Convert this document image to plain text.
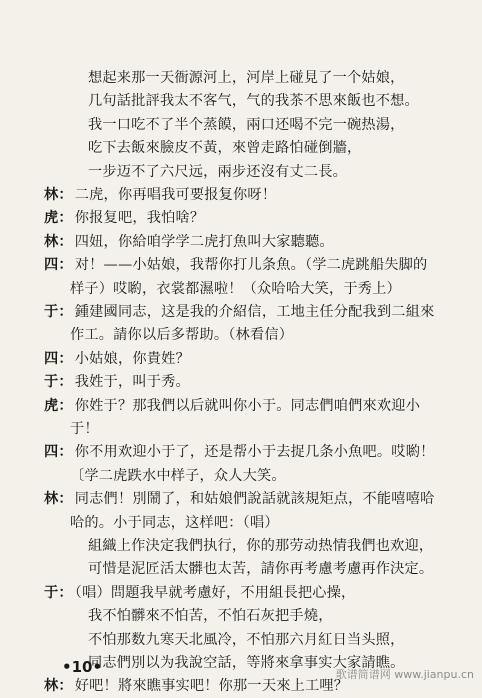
想起来那一天衙源河上，河岸上碰見了一个姑娘，
几句話批評我太不客气，气的我茶不思來飯也不想。
我一口吃不了半个蒸饃，兩口还喝不完一碗热湯，
吃下去飯來臉皮不黃，來曾走路怕碰倒牆，
一步迈不了六尺远，兩步还沒有丈二長。
林： 二虎，你再唱我可要报复你呀！
虎： 你报复吧，我怕啥？
林： 四妞，你給咱学学二虎打魚叫大家聽聽。
四： 对！——小姑娘，我帮你打儿条魚。（学二虎跳船失脚的
样子）哎喲，衣裳都濕啦！（众哈哈大笑，于秀上）
于： 鍾建國同志，这是我的介紹信，工地主任分配我到二組來
作工。請你以后多帮助。（林看信）
四： 小姑娘，你貴姓？
于： 我姓于，叫于秀。
虎： 你姓于？那我們以后就叫你小于。同志們咱們來欢迎小
于！
四： 你不用欢迎小于了，还是帮小于去捉几条小魚吧。哎喲！
〔学二虎跌水中样子，众人大笑。
林： 同志們！別鬧了，和姑娘們說話就該規矩点，不能嘻嘻哈
哈的。小于同志，这样吧：（唱）
組織上作決定我們执行，你的那劳动热情我們也欢迎，
可惜是泥匠活太髒也太苦，請你再考慮考慮再作決定。
于： （唱）問題我早就考慮好，不用組長把心操，
我不怕髒來不怕苦，不怕石灰把手燒，
不怕那数九寒天北風冷，不怕那六月紅日当头照，
同志們別以为我說空話，等將來拿事实大家請瞧。
林： 好吧！將來瞧事实吧！你那一天來上工哩？
•10•	歌谱简谱网 www.jianpu.cn
